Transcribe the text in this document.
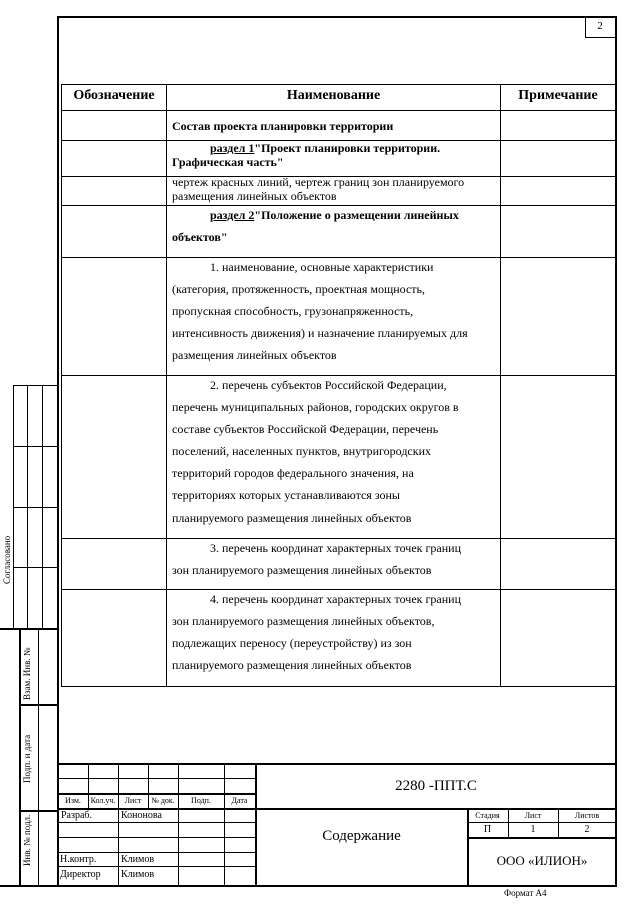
2
Обозначение	Наименование	Примечание
Состав проекта планировки территории
раздел 1"Проект планировки территории.
Графическая часть"
чертеж красных линий, чертеж границ зон планируемого
размещения линейных объектов
раздел 2"Положение о размещении линейных
объектов"
1. наименование, основные характеристики
(категория, протяженность, проектная мощность,
пропускная способность, грузонапряженность,
интенсивность движения) и назначение планируемых для
размещения линейных объектов
2. перечень субъектов Российской Федерации,
перечень муниципальных районов, городских округов в
составе субъектов Российской Федерации, перечень
поселений, населенных пунктов, внутригородских
территорий городов федерального значения, на
территориях которых устанавливаются зоны
планируемого размещения линейных объектов
3. перечень координат характерных точек границ
зон планируемого размещения линейных объектов
4. перечень координат характерных точек границ
зон планируемого размещения линейных объектов,
подлежащих переносу (переустройству) из зон
планируемого размещения линейных объектов
Согласовано
Взам. Инв. №
Подп. и дата
Инв. № подл.
Изм.	Кол.уч.	Лист	№ док.	Подп.	Дата
Разраб.	Кононова
Н.контр. Климов
Директор Климов
2280 -ППТ.С
Содержание
ООО «ИЛИОН»
Стадия	Лист	Листов
П	1	2
Формат А4
